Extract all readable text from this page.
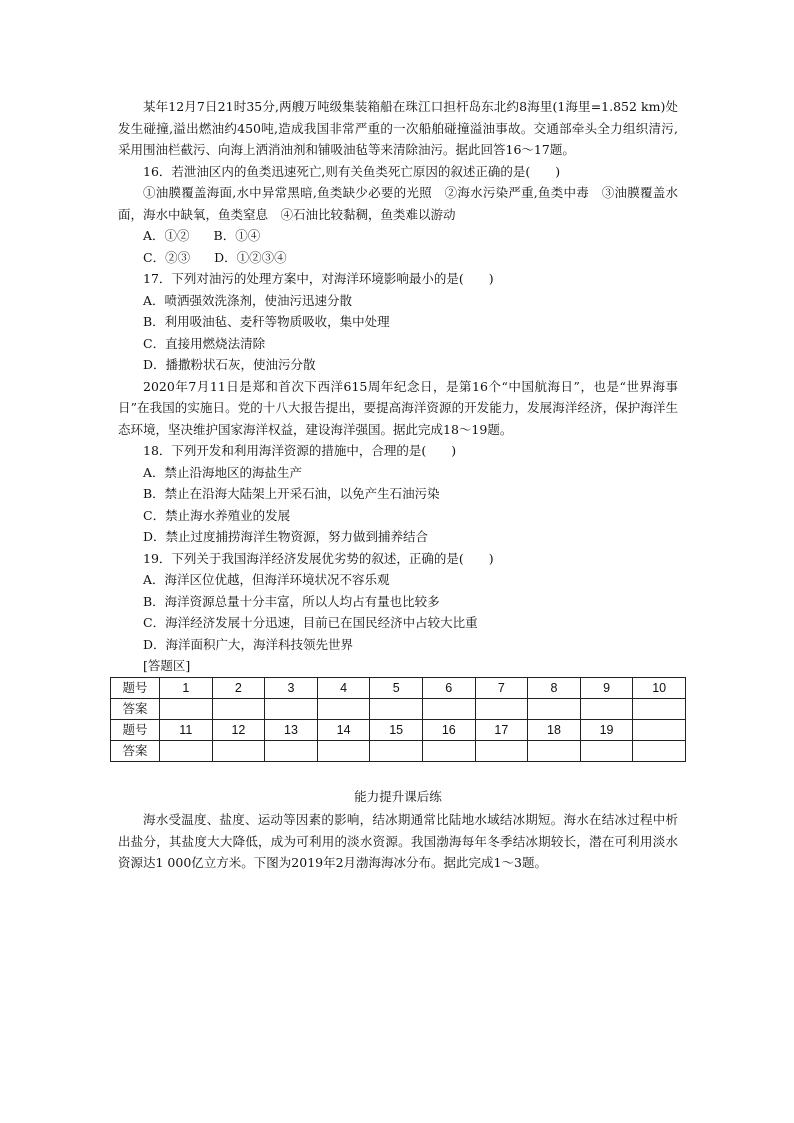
某年12月7日21时35分,两艘万吨级集装箱船在珠江口担杆岛东北约8海里(1海里=1.852 km)处发生碰撞,溢出燃油约450吨,造成我国非常严重的一次船舶碰撞溢油事故。交通部牵头全力组织清污,采用围油栏截污、向海上洒消油剂和铺吸油毡等来清除油污。据此回答16～17题。

16．若泄油区内的鱼类迅速死亡,则有关鱼类死亡原因的叙述正确的是(　　)

①油膜覆盖海面,水中异常黑暗,鱼类缺少必要的光照　②海水污染严重,鱼类中毒　③油膜覆盖水面，海水中缺氧，鱼类窒息　④石油比较黏稠，鱼类难以游动

A．①② B．①④

C．②③ D．①②③④

17．下列对油污的处理方案中，对海洋环境影响最小的是(　　)

A．喷洒强效洗涤剂，使油污迅速分散

B．利用吸油毡、麦秆等物质吸收，集中处理

C．直接用燃烧法清除

D．播撒粉状石灰，使油污分散

2020年7月11日是郑和首次下西洋615周年纪念日，是第16个“中国航海日”，也是“世界海事日”在我国的实施日。党的十八大报告提出，要提高海洋资源的开发能力，发展海洋经济，保护海洋生态环境，坚决维护国家海洋权益，建设海洋强国。据此完成18～19题。

18．下列开发和利用海洋资源的措施中，合理的是(　　)

A．禁止沿海地区的海盐生产

B．禁止在沿海大陆架上开采石油，以免产生石油污染

C．禁止海水养殖业的发展

D．禁止过度捕捞海洋生物资源，努力做到捕养结合

19．下列关于我国海洋经济发展优劣势的叙述，正确的是(　　)

A．海洋区位优越，但海洋环境状况不容乐观

B．海洋资源总量十分丰富，所以人均占有量也比较多

C．海洋经济发展十分迅速，目前已在国民经济中占较大比重

D．海洋面积广大，海洋科技领先世界

[答题区]

题号	1	2	3	4	5	6	7	8	9	10
答案										
题号	11	12	13	14	15	16	17	18	19	
答案										

能力提升课后练

海水受温度、盐度、运动等因素的影响，结冰期通常比陆地水域结冰期短。海水在结冰过程中析出盐分，其盐度大大降低，成为可利用的淡水资源。我国渤海每年冬季结冰期较长，潜在可利用淡水资源达1 000亿立方米。下图为2019年2月渤海海冰分布。据此完成1～3题。
